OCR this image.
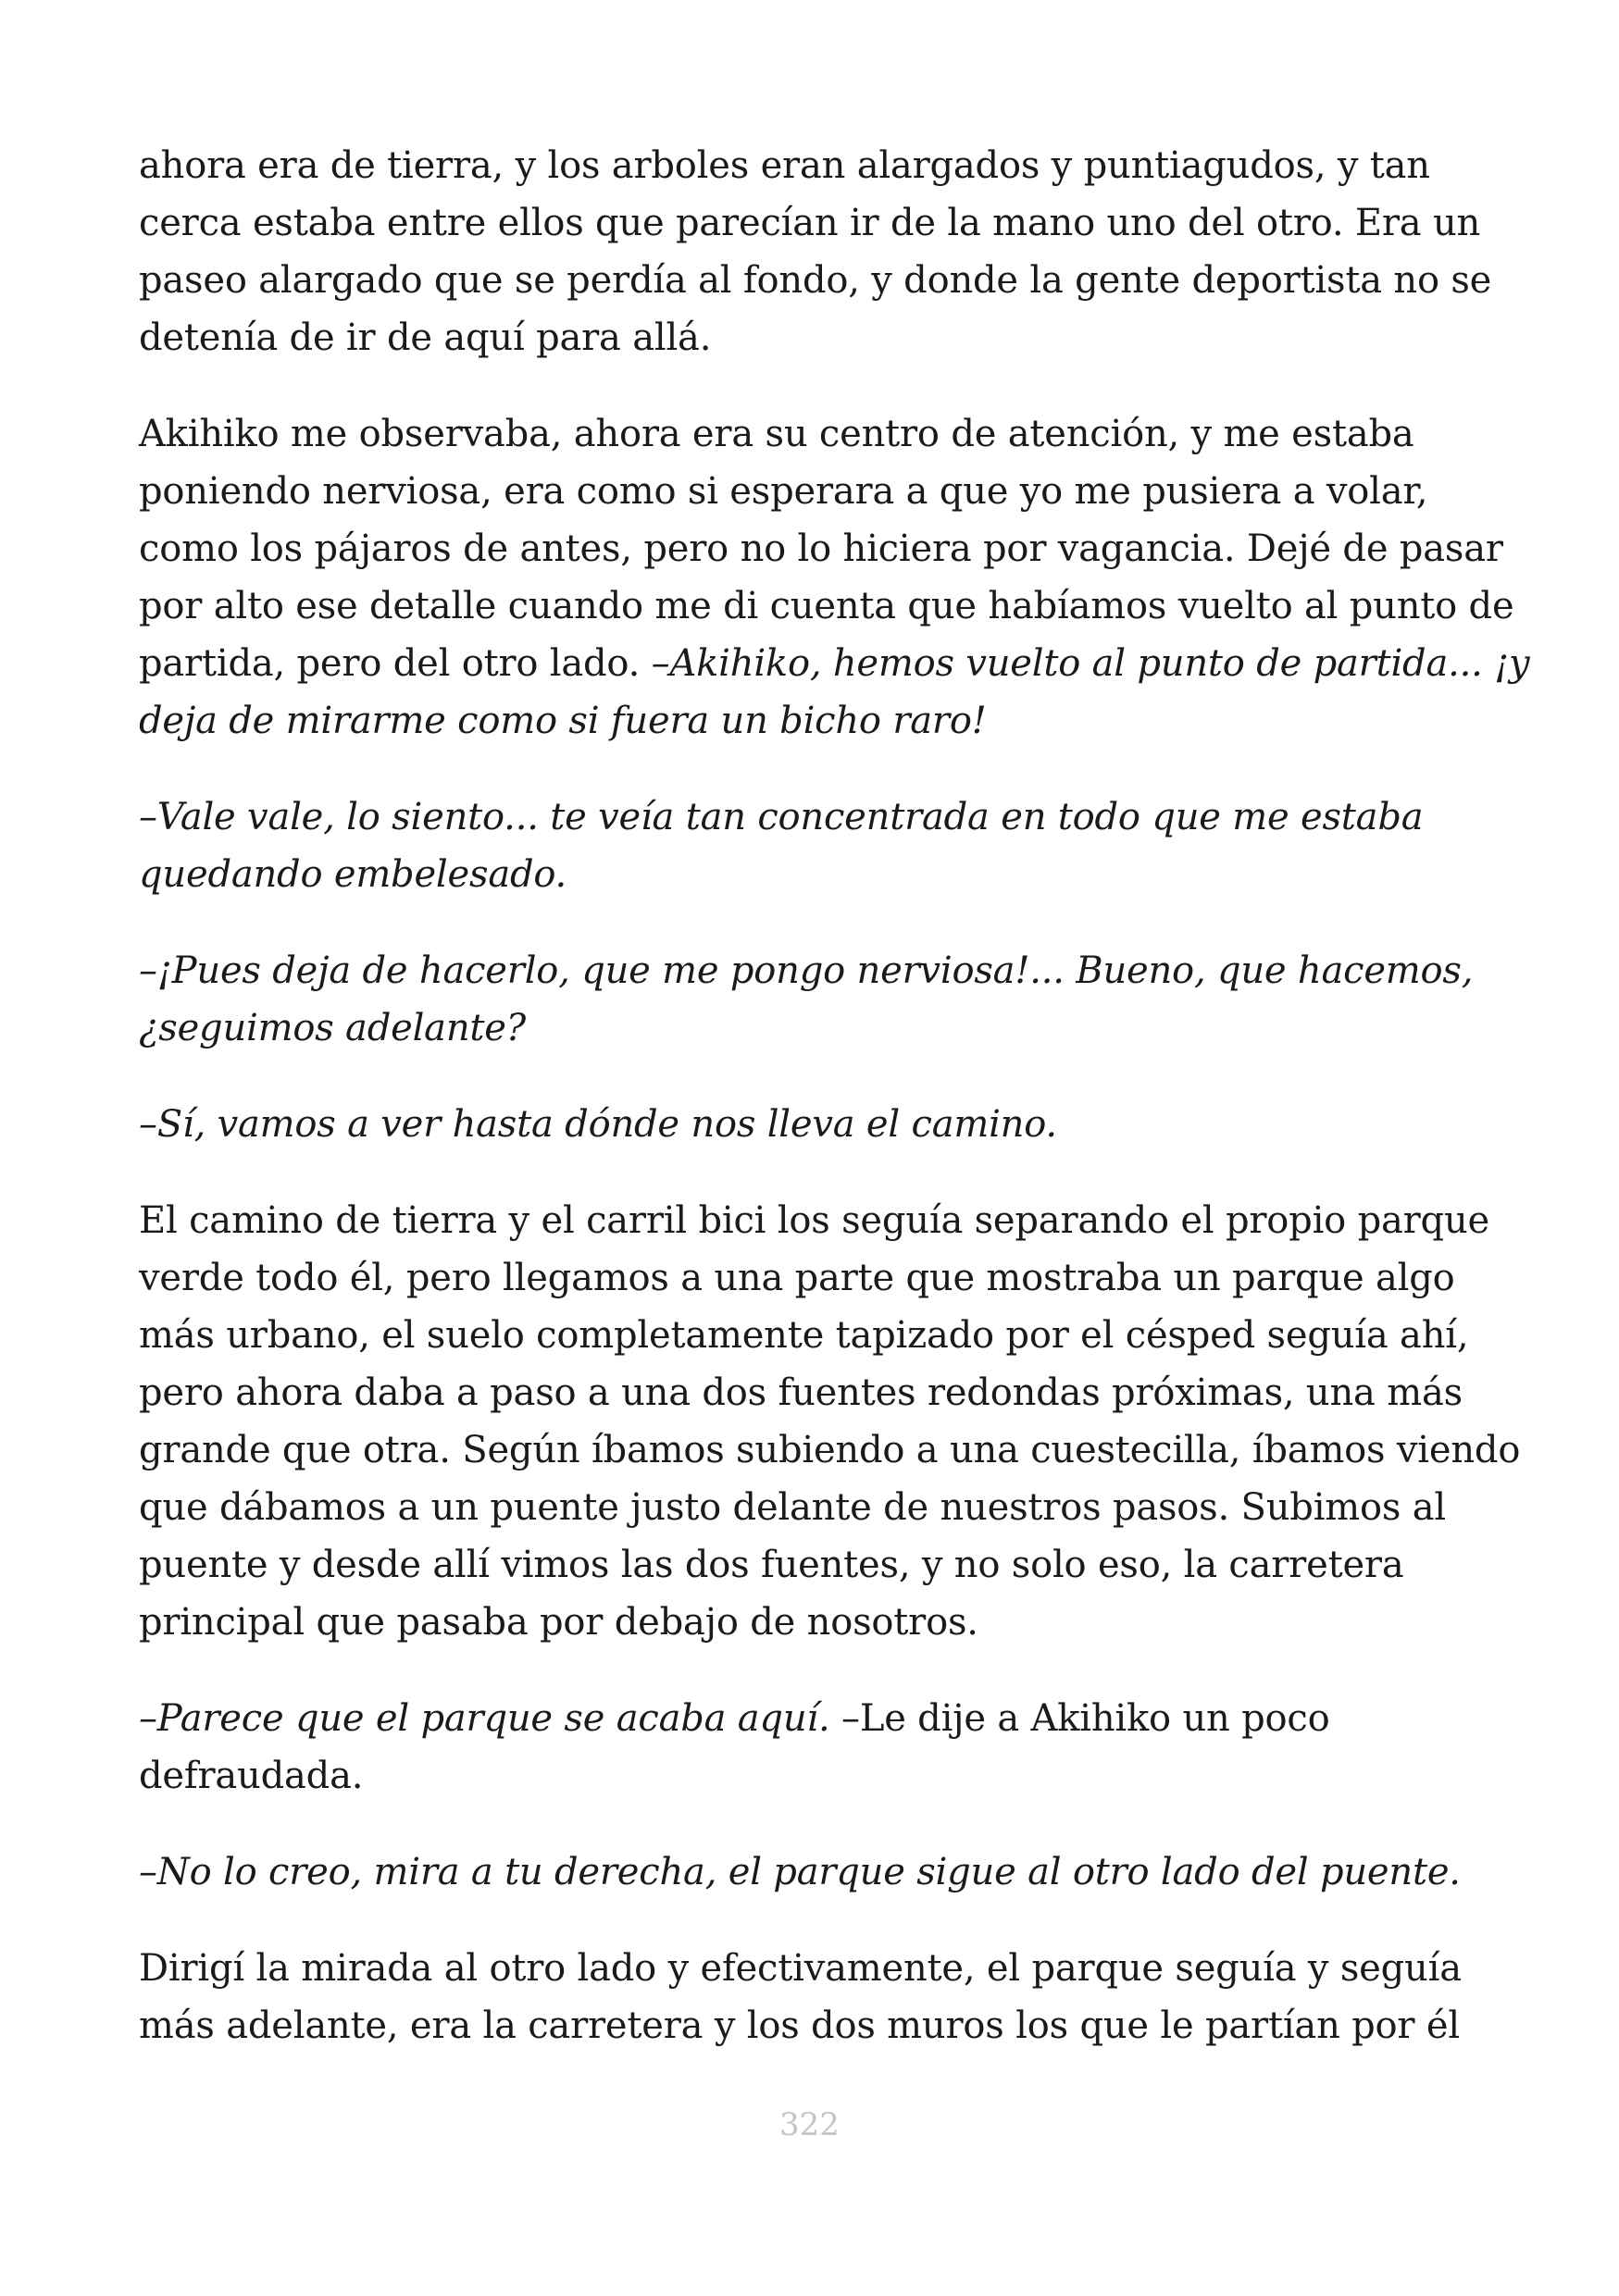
ahora era de tierra, y los arboles eran alargados y puntiagudos, y tan
cerca estaba entre ellos que parecían ir de la mano uno del otro. Era un
paseo alargado que se perdía al fondo, y donde la gente deportista no se
detenía de ir de aquí para allá.

Akihiko me observaba, ahora era su centro de atención, y me estaba
poniendo nerviosa, era como si esperara a que yo me pusiera a volar,
como los pájaros de antes, pero no lo hiciera por vagancia. Dejé de pasar
por alto ese detalle cuando me di cuenta que habíamos vuelto al punto de
partida, pero del otro lado. –Akihiko, hemos vuelto al punto de partida... ¡y
deja de mirarme como si fuera un bicho raro!

–Vale vale, lo siento... te veía tan concentrada en todo que me estaba
quedando embelesado.

–¡Pues deja de hacerlo, que me pongo nerviosa!... Bueno, que hacemos,
¿seguimos adelante?

–Sí, vamos a ver hasta dónde nos lleva el camino.

El camino de tierra y el carril bici los seguía separando el propio parque
verde todo él, pero llegamos a una parte que mostraba un parque algo
más urbano, el suelo completamente tapizado por el césped seguía ahí,
pero ahora daba a paso a una dos fuentes redondas próximas, una más
grande que otra. Según íbamos subiendo a una cuestecilla, íbamos viendo
que dábamos a un puente justo delante de nuestros pasos. Subimos al
puente y desde allí vimos las dos fuentes, y no solo eso, la carretera
principal que pasaba por debajo de nosotros.

–Parece que el parque se acaba aquí. –Le dije a Akihiko un poco
defraudada.

–No lo creo, mira a tu derecha, el parque sigue al otro lado del puente.

Dirigí la mirada al otro lado y efectivamente, el parque seguía y seguía
más adelante, era la carretera y los dos muros los que le partían por él

322
